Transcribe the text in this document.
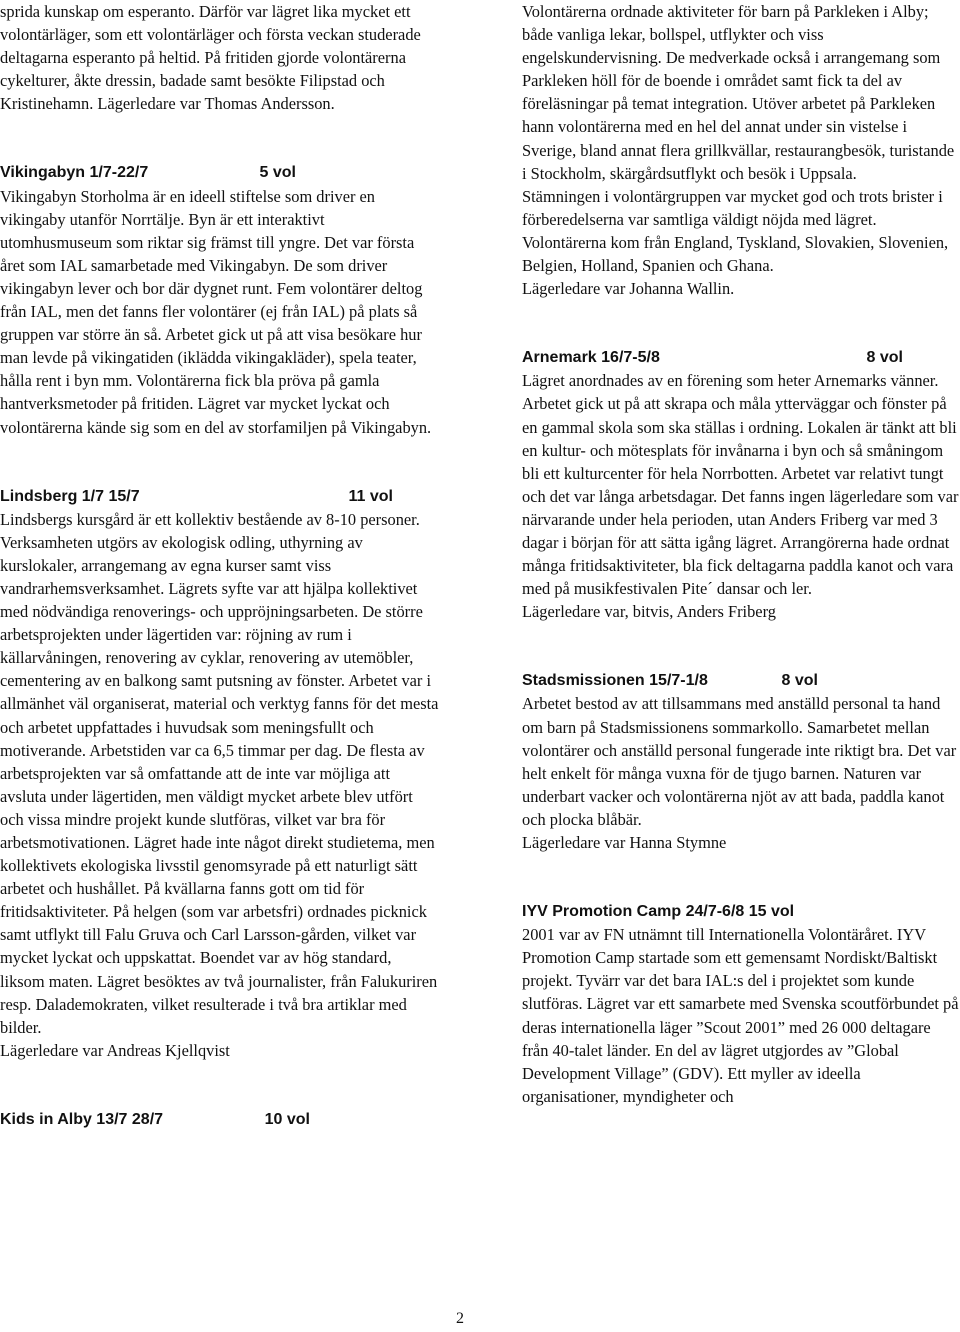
sprida kunskap om esperanto. Därför var lägret lika mycket ett volontärläger, som ett volontärläger och första veckan studerade deltagarna esperanto på heltid. På fritiden gjorde volontärerna cykelturer, åkte dressin, badade samt besökte Filipstad och Kristinehamn. Lägerledare var Thomas Andersson.

Vikingabyn 1/7-22/7	5 vol

Vikingabyn Storholma är en ideell stiftelse som driver en vikingaby utanför Norrtälje. Byn är ett interaktivt utomhusmuseum som riktar sig främst till yngre. Det var första året som IAL samarbetade med Vikingabyn. De som driver vikingabyn lever och bor där dygnet runt. Fem volontärer deltog från IAL, men det fanns fler volontärer (ej från IAL) på plats så gruppen var större än så. Arbetet gick ut på att visa besökare hur man levde på vikingatiden (iklädda vikingakläder), spela teater, hålla rent i byn mm. Volontärerna fick bla pröva på gamla hantverksmetoder på fritiden. Lägret var mycket lyckat och volontärerna kände sig som en del av storfamiljen på Vikingabyn.

Lindsberg 1/7 15/7	11 vol

Lindsbergs kursgård är ett kollektiv bestående av 8-10 personer. Verksamheten utgörs av ekologisk odling, uthyrning av kurslokaler, arrangemang av egna kurser samt viss vandrarhemsverksamhet. Lägrets syfte var att hjälpa kollektivet med nödvändiga renoverings- och uppröjningsarbeten. De större arbetsprojekten under lägertiden var: röjning av rum i källarvåningen, renovering av cyklar, renovering av utemöbler, cementering av en balkong samt putsning av fönster. Arbetet var i allmänhet väl organiserat, material och verktyg fanns för det mesta och arbetet uppfattades i huvudsak som meningsfullt och motiverande. Arbetstiden var ca 6,5 timmar per dag. De flesta av arbetsprojekten var så omfattande att de inte var möjliga att avsluta under lägertiden, men väldigt mycket arbete blev utfört och vissa mindre projekt kunde slutföras, vilket var bra för arbetsmotivationen. Lägret hade inte något direkt studietema, men kollektivets ekologiska livsstil genomsyrade på ett naturligt sätt arbetet och hushållet. På kvällarna fanns gott om tid för fritidsaktiviteter. På helgen (som var arbetsfri) ordnades picknick samt utflykt till Falu Gruva och Carl Larsson-gården, vilket var mycket lyckat och uppskattat. Boendet var av hög standard, liksom maten. Lägret besöktes av två journalister, från Falukuriren resp. Dalademokraten, vilket resulterade i två bra artiklar med bilder.

Lägerledare var Andreas Kjellqvist

Kids in Alby 13/7 28/7	10 vol

Volontärerna ordnade aktiviteter för barn på Parkleken i Alby; både vanliga lekar, bollspel, utflykter och viss engelskundervisning. De medverkade också i arrangemang som Parkleken höll för de boende i området samt fick ta del av föreläsningar på temat integration. Utöver arbetet på Parkleken hann volontärerna med en hel del annat under sin vistelse i Sverige, bland annat flera grillkvällar, restaurangbesök, turistande i Stockholm, skärgårdsutflykt och besök i Uppsala.

Stämningen i volontärgruppen var mycket god och trots brister i förberedelserna var samtliga väldigt nöjda med lägret. Volontärerna kom från England, Tyskland, Slovakien, Slovenien, Belgien, Holland, Spanien och Ghana.

Lägerledare var Johanna Wallin.

Arnemark 16/7-5/8	8 vol

Lägret anordnades av en förening som heter Arnemarks vänner. Arbetet gick ut på att skrapa och måla ytterväggar och fönster på en gammal skola som ska ställas i ordning. Lokalen är tänkt att bli en kultur- och mötesplats för invånarna i byn och så småningom bli ett kulturcenter för hela Norrbotten. Arbetet var relativt tungt och det var långa arbetsdagar. Det fanns ingen lägerledare som var närvarande under hela perioden, utan Anders Friberg var med 3 dagar i början för att sätta igång lägret. Arrangörerna hade ordnat många fritidsaktiviteter, bla fick deltagarna paddla kanot och vara med på musikfestivalen Pite´ dansar och ler.

Lägerledare var, bitvis, Anders Friberg

Stadsmissionen 15/7-1/8	8 vol

Arbetet bestod av att tillsammans med anställd personal ta hand om barn på Stadsmissionens sommarkollo. Samarbetet mellan volontärer och anställd personal fungerade inte riktigt bra. Det var helt enkelt för många vuxna för de tjugo barnen. Naturen var underbart vacker och volontärerna njöt av att bada, paddla kanot och plocka blåbär.

Lägerledare var Hanna Stymne

IYV Promotion Camp 24/7-6/8 15 vol

2001 var av FN utnämnt till Internationella Volontäråret. IYV Promotion Camp startade som ett gemensamt Nordiskt/Baltiskt projekt. Tyvärr var det bara IAL:s del i projektet som kunde slutföras. Lägret var ett samarbete med Svenska scoutförbundet på deras internationella läger ”Scout 2001” med 26 000 deltagare från 40-talet länder. En del av lägret utgjordes av ”Global Development Village” (GDV). Ett myller av ideella organisationer, myndigheter och

2
